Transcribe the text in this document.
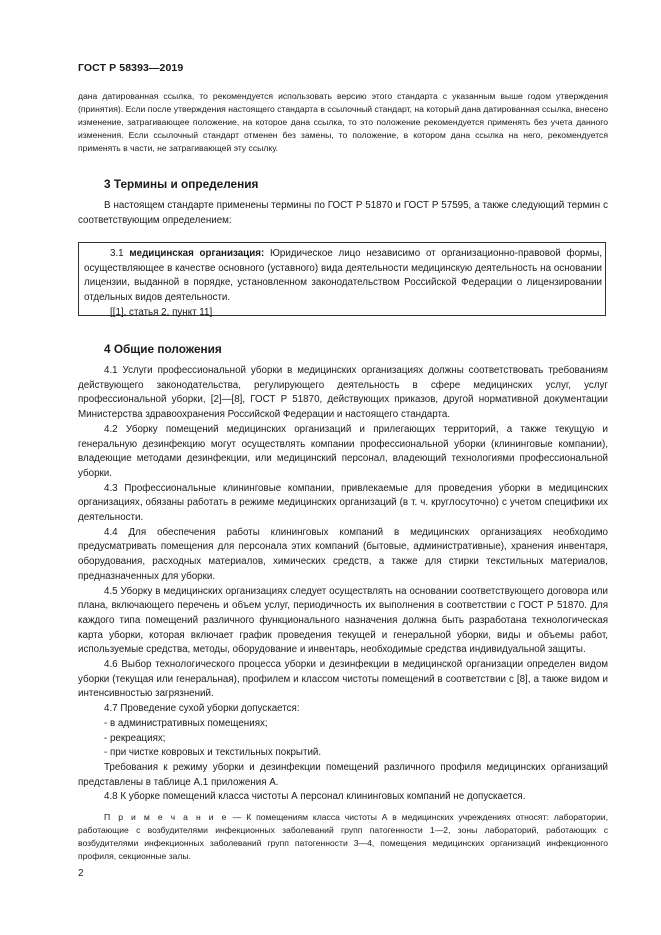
ГОСТ Р 58393—2019

дана датированная ссылка, то рекомендуется использовать версию этого стандарта с указанным выше годом утверждения (принятия). Если после утверждения настоящего стандарта в ссылочный стандарт, на который дана датированная ссылка, внесено изменение, затрагивающее положение, на которое дана ссылка, то это положение рекомендуется применять без учета данного изменения. Если ссылочный стандарт отменен без замены, то положение, в котором дана ссылка на него, рекомендуется применять в части, не затрагивающей эту ссылку.

3 Термины и определения

В настоящем стандарте применены термины по ГОСТ Р 51870 и ГОСТ Р 57595, а также следующий термин с соответствующим определением:

3.1 медицинская организация: Юридическое лицо независимо от организационно-правовой формы, осуществляющее в качестве основного (уставного) вида деятельности медицинскую деятельность на основании лицензии, выданной в порядке, установленном законодательством Российской Федерации о лицензировании отдельных видов деятельности.

[[1], статья 2, пункт 11]

4 Общие положения

4.1 Услуги профессиональной уборки в медицинских организациях должны соответствовать требованиям действующего законодательства, регулирующего деятельность в сфере медицинских услуг, услуг профессиональной уборки, [2]—[8], ГОСТ Р 51870, действующих приказов, другой нормативной документации Министерства здравоохранения Российской Федерации и настоящего стандарта.

4.2 Уборку помещений медицинских организаций и прилегающих территорий, а также текущую и генеральную дезинфекцию могут осуществлять компании профессиональной уборки (клининговые компании), владеющие методами дезинфекции, или медицинский персонал, владеющий технологиями профессиональной уборки.

4.3 Профессиональные клининговые компании, привлекаемые для проведения уборки в медицинских организациях, обязаны работать в режиме медицинских организаций (в т. ч. круглосуточно) с учетом специфики их деятельности.

4.4 Для обеспечения работы клининговых компаний в медицинских организациях необходимо предусматривать помещения для персонала этих компаний (бытовые, административные), хранения инвентаря, оборудования, расходных материалов, химических средств, а также для стирки текстильных материалов, предназначенных для уборки.

4.5 Уборку в медицинских организациях следует осуществлять на основании соответствующего договора или плана, включающего перечень и объем услуг, периодичность их выполнения в соответствии с ГОСТ Р 51870. Для каждого типа помещений различного функционального назначения должна быть разработана технологическая карта уборки, которая включает график проведения текущей и генеральной уборки, виды и объемы работ, используемые средства, методы, оборудование и инвентарь, необходимые средства индивидуальной защиты.

4.6 Выбор технологического процесса уборки и дезинфекции в медицинской организации определен видом уборки (текущая или генеральная), профилем и классом чистоты помещений в соответствии с [8], а также видом и интенсивностью загрязнений.

4.7 Проведение сухой уборки допускается:

- в административных помещениях;

- рекреациях;

- при чистке ковровых и текстильных покрытий.

Требования к режиму уборки и дезинфекции помещений различного профиля медицинских организаций представлены в таблице А.1 приложения А.

4.8 К уборке помещений класса чистоты А персонал клининговых компаний не допускается.

П р и м е ч а н и е — К помещениям класса чистоты А в медицинских учреждениях относят: лаборатории, работающие с возбудителями инфекционных заболеваний групп патогенности 1—2, зоны лабораторий, работающих с возбудителями инфекционных заболеваний групп патогенности 3—4, помещения медицинских организаций инфекционного профиля, секционные залы.

2
